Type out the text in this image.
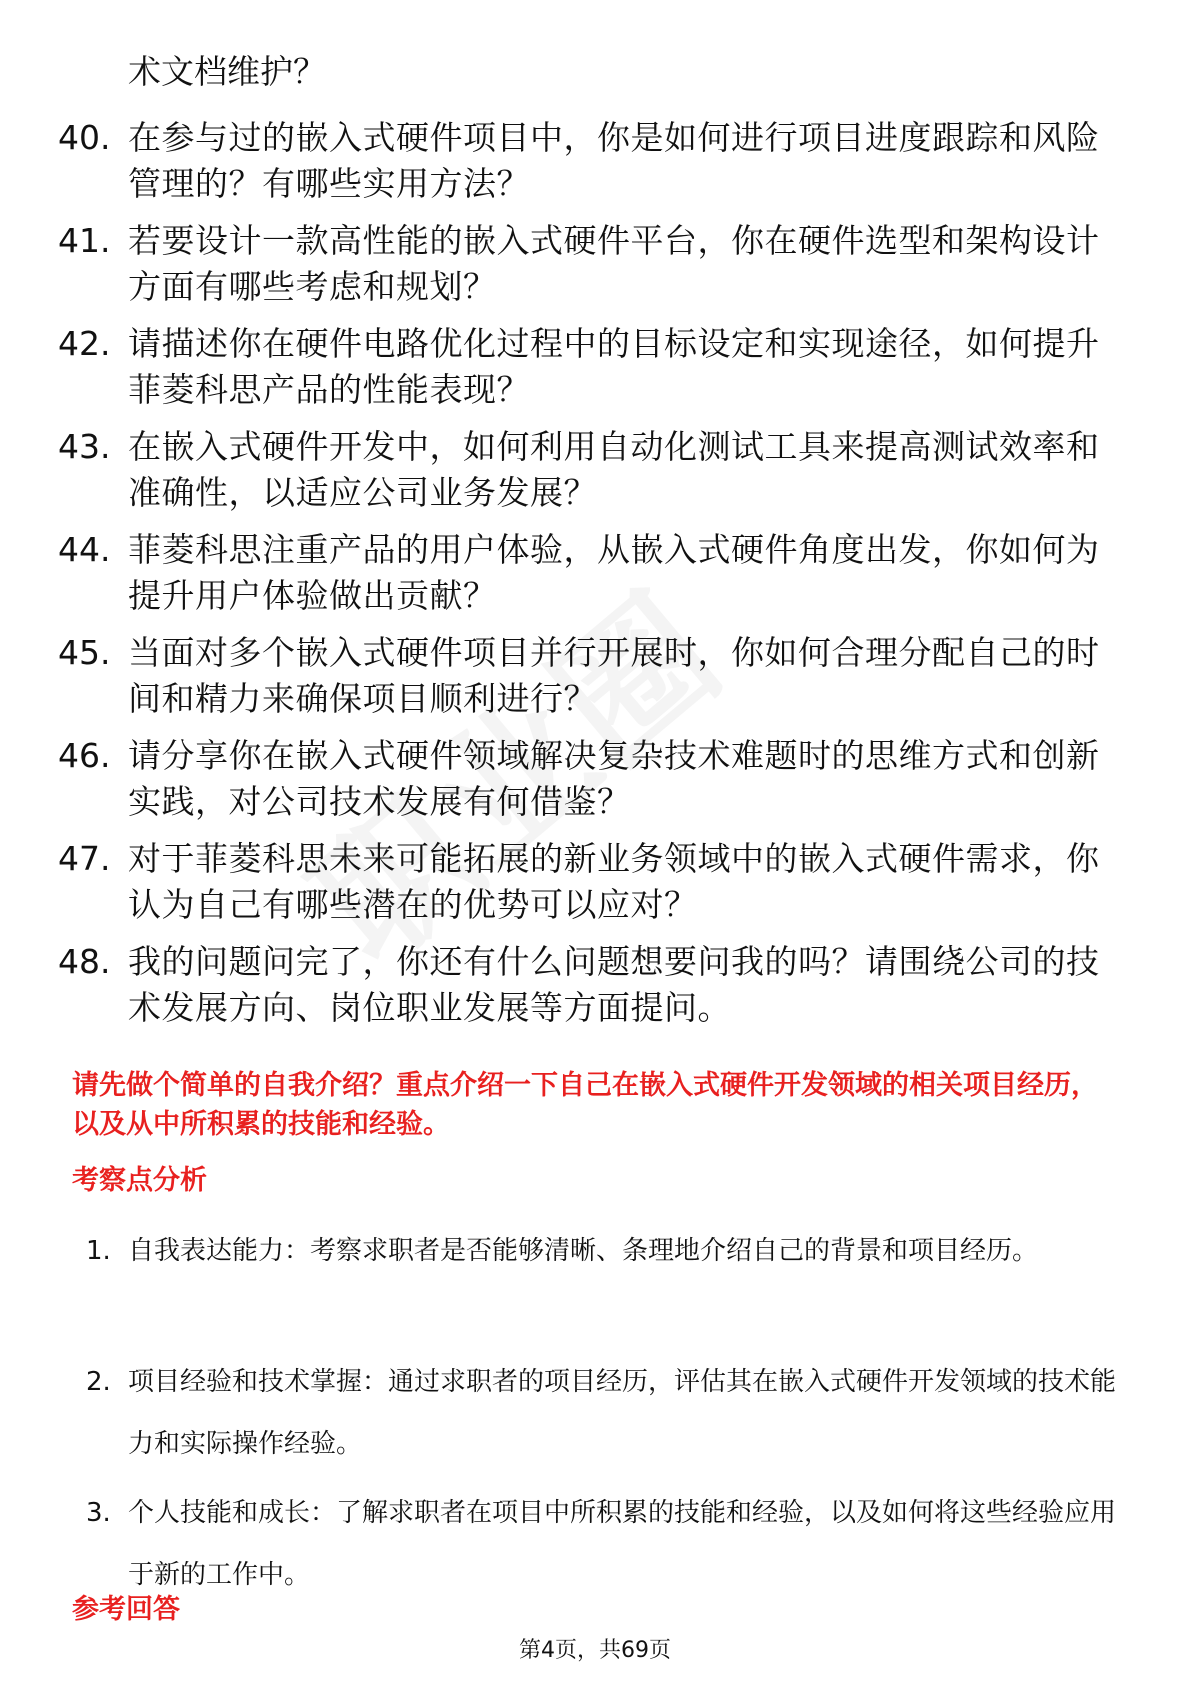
术文档维护？

40. 在参与过的嵌入式硬件项目中，你是如何进行项目进度跟踪和风险管理的？有哪些实用方法？
41. 若要设计一款高性能的嵌入式硬件平台，你在硬件选型和架构设计方面有哪些考虑和规划？
42. 请描述你在硬件电路优化过程中的目标设定和实现途径，如何提升菲菱科思产品的性能表现？
43. 在嵌入式硬件开发中，如何利用自动化测试工具来提高测试效率和准确性，以适应公司业务发展？
44. 菲菱科思注重产品的用户体验，从嵌入式硬件角度出发，你如何为提升用户体验做出贡献？
45. 当面对多个嵌入式硬件项目并行开展时，你如何合理分配自己的时间和精力来确保项目顺利进行？
46. 请分享你在嵌入式硬件领域解决复杂技术难题时的思维方式和创新实践，对公司技术发展有何借鉴？
47. 对于菲菱科思未来可能拓展的新业务领域中的嵌入式硬件需求，你认为自己有哪些潜在的优势可以应对？
48. 我的问题问完了，你还有什么问题想要问我的吗？请围绕公司的技术发展方向、岗位职业发展等方面提问。

请先做个简单的自我介绍？重点介绍一下自己在嵌入式硬件开发领域的相关项目经历，以及从中所积累的技能和经验。

考察点分析
1. 自我表达能力：考察求职者是否能够清晰、条理地介绍自己的背景和项目经历。
2. 项目经验和技术掌握：通过求职者的项目经历，评估其在嵌入式硬件开发领域的技术能力和实际操作经验。
3. 个人技能和成长：了解求职者在项目中所积累的技能和经验，以及如何将这些经验应用于新的工作中。
参考回答
第4页，共69页
